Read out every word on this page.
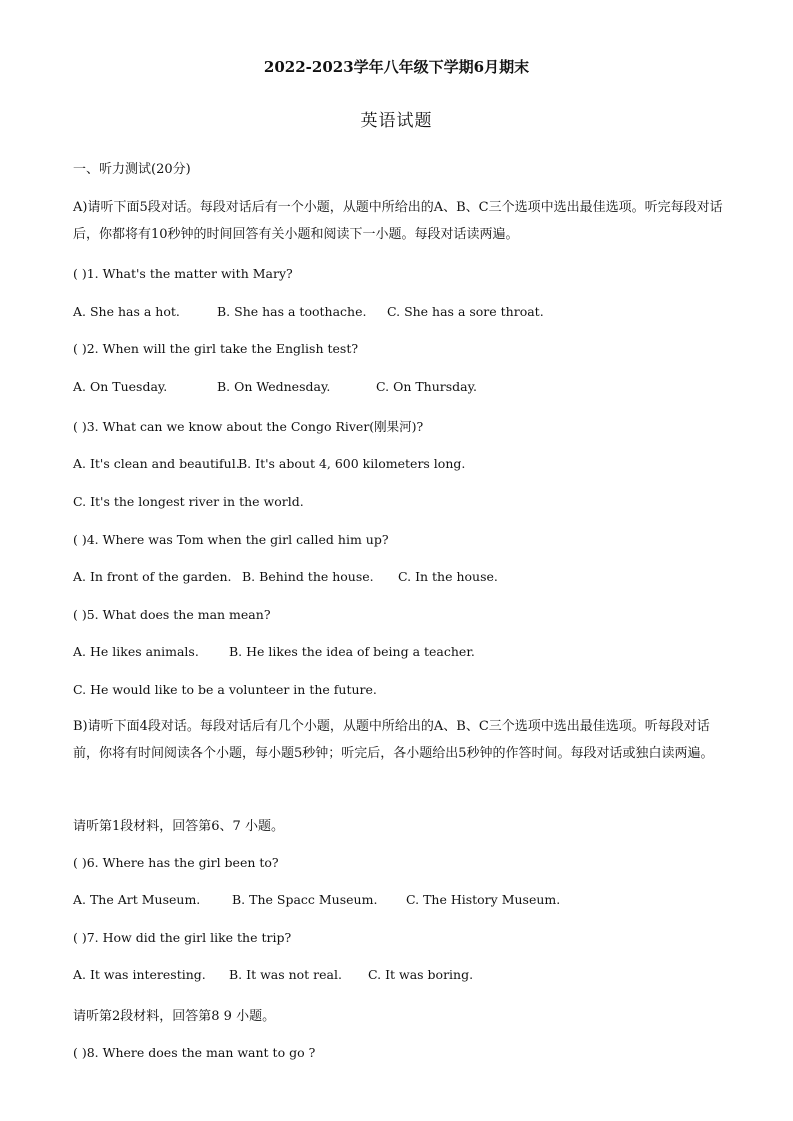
2022-2023学年八年级下学期6月期末
英语试题
一、听力测试(20分)
A)请听下面5段对话。每段对话后有一个小题，从题中所给出的A、B、C三个选项中选出最佳选项。听完每段对话后，你都将有10秒钟的时间回答有关小题和阅读下一小题。每段对话读两遍。
( )1. What's the matter with Mary?
A. She has a hot.	B. She has a toothache. C. She has a sore throat.
( )2. When will the girl take the English test?
A. On Tuesday.	B. On Wednesday.	C. On Thursday.
( )3. What can we know about the Congo River(刚果河)?
A. It's clean and beautiful.B. It's about 4, 600 kilometers long.
C. It's the longest river in the world.
( )4. Where was Tom when the girl called him up?
A. In front of the garden. B. Behind the house. C. In the house.
( )5. What does the man mean?
A. He likes animals. B. He likes the idea of being a teacher.
C. He would like to be a volunteer in the future.
B)请听下面4段对话。每段对话后有几个小题，从题中所给出的A、B、C三个选项中选出最佳选项。听每段对话前，你将有时间阅读各个小题，每小题5秒钟；听完后，各小题给出5秒钟的作答时间。每段对话或独白读两遍。
请听第1段材料，回答第6、7 小题。
( )6. Where has the girl been to?
A. The Art Museum.	B. The Spacc Museum. C. The History Museum.
( )7. How did the girl like the trip?
A. It was interesting. B. It was not real. C. It was boring.
请听第2段材料，回答第8 9 小题。
( )8. Where does the man want to go ?
